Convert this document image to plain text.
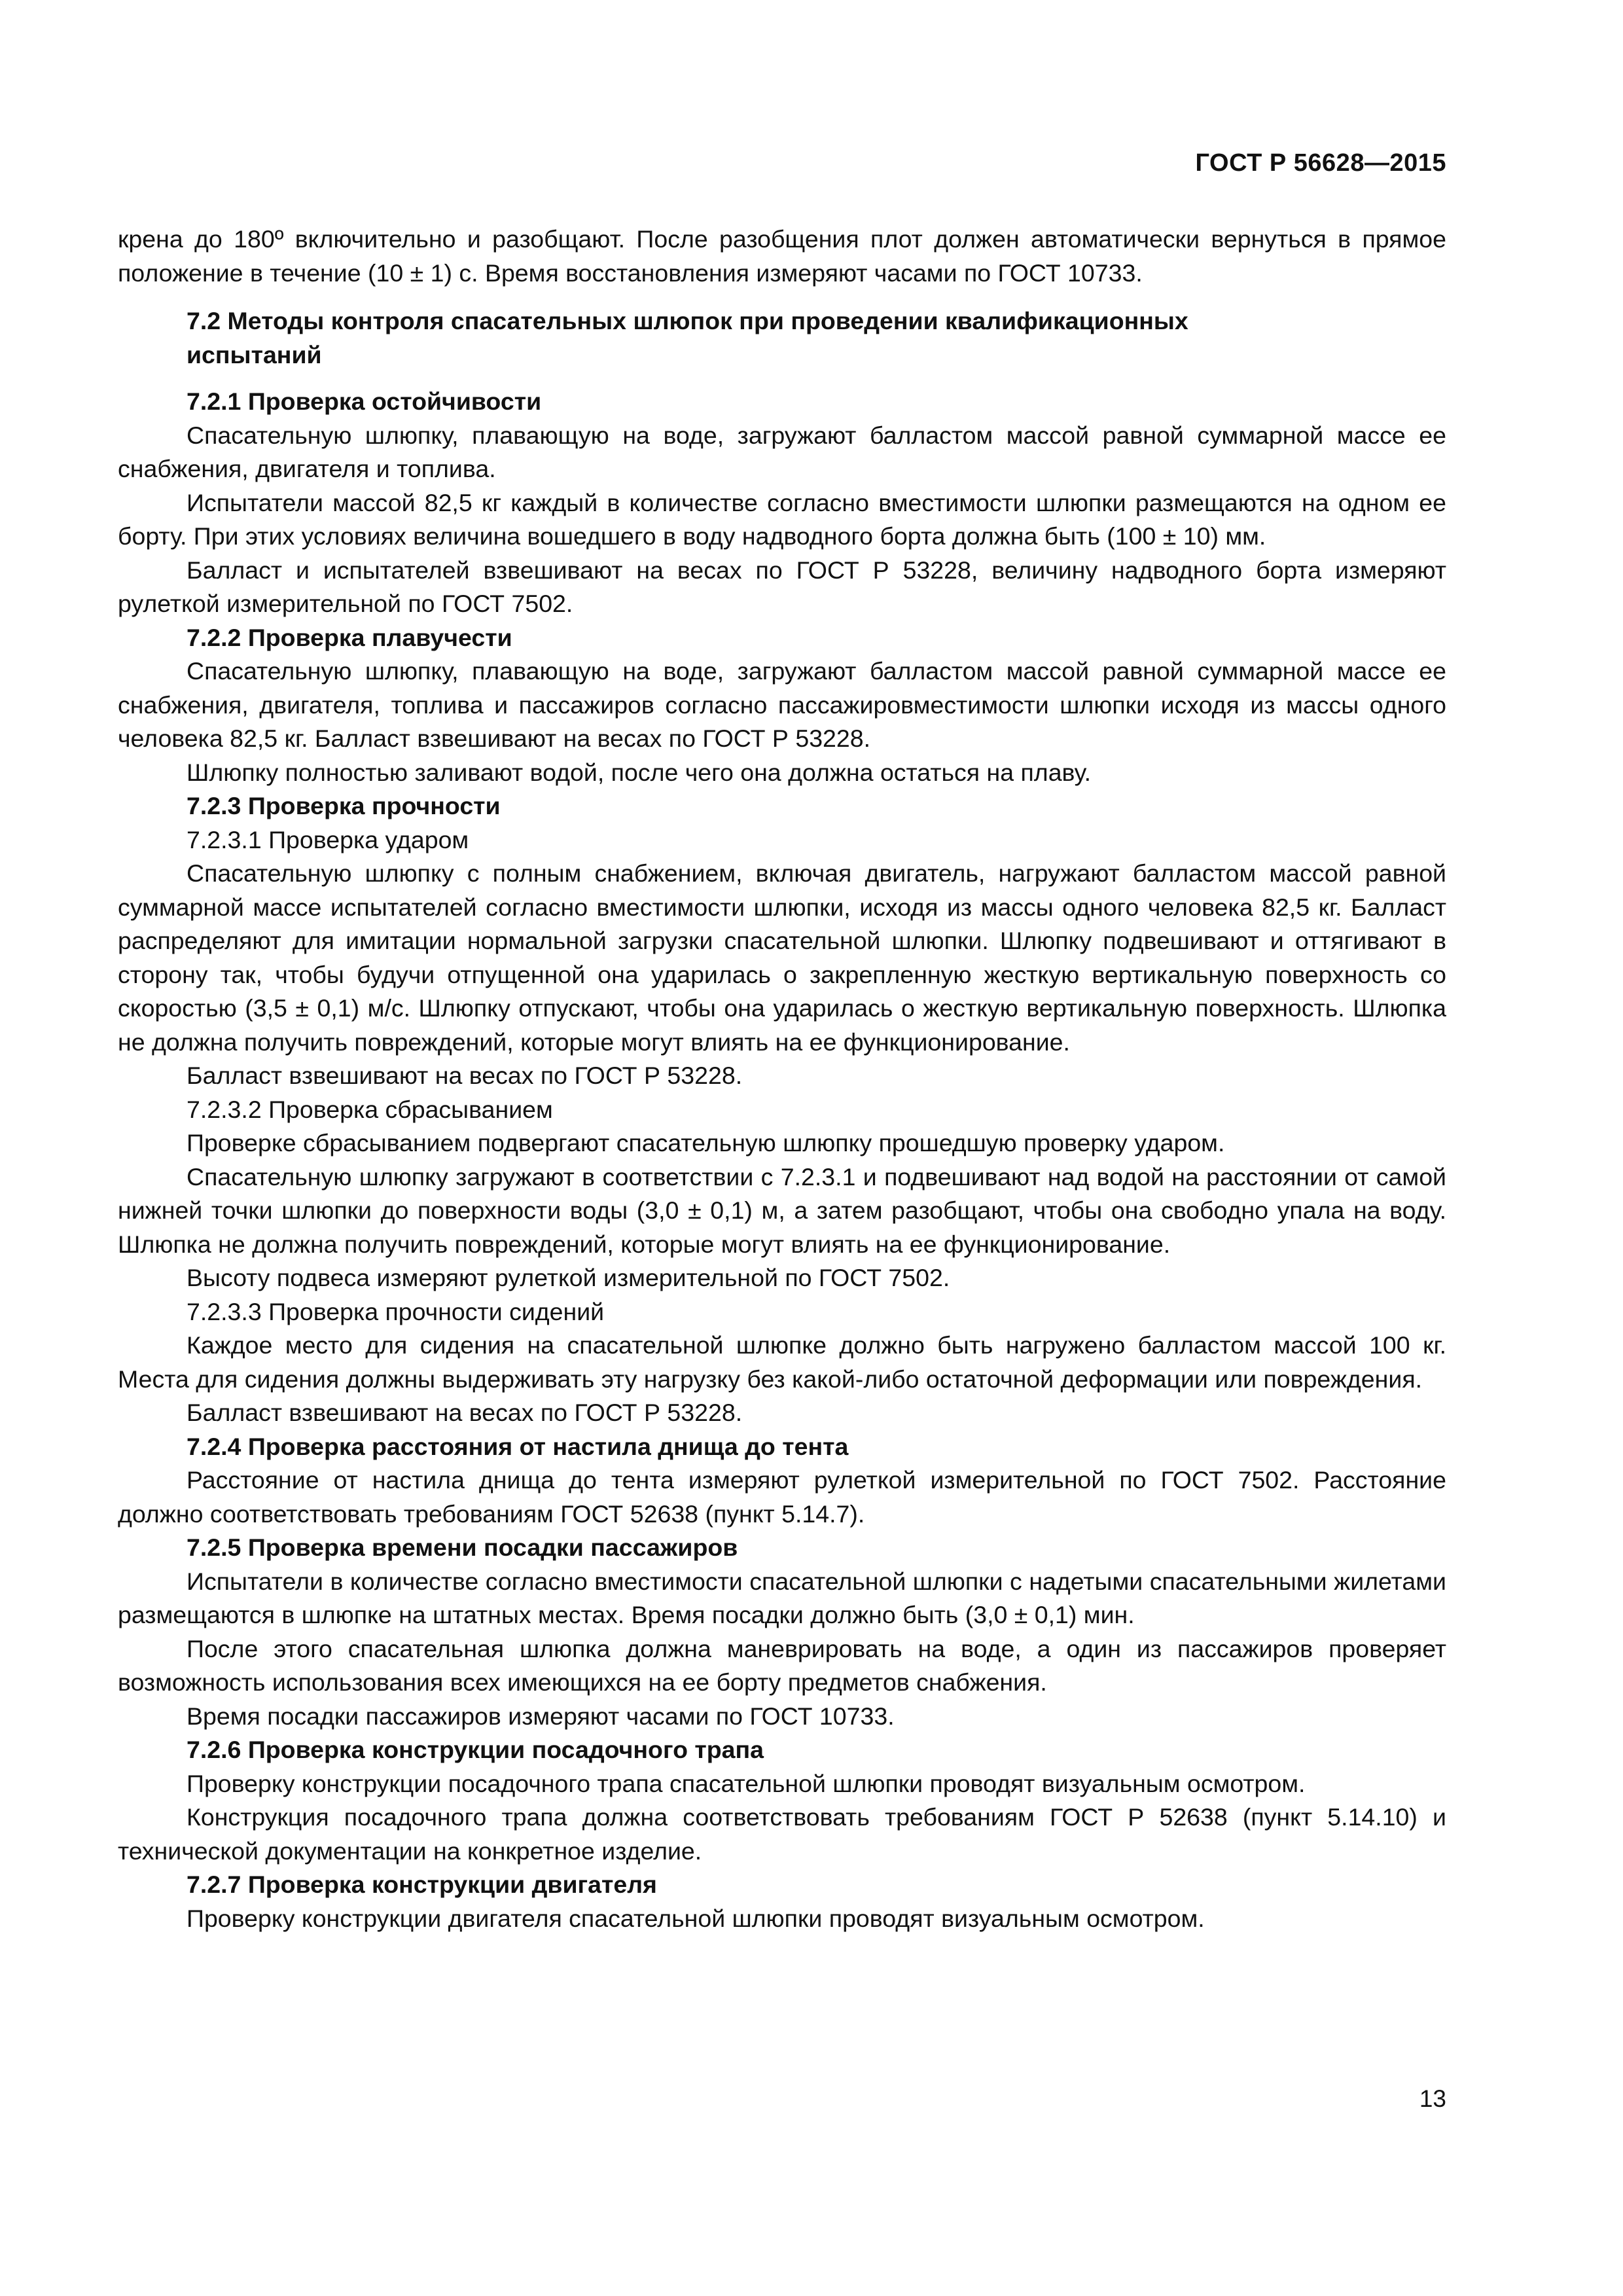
ГОСТ Р 56628—2015

крена до 180º включительно и разобщают. После разобщения плот должен автоматически вернуться в прямое положение в течение (10 ± 1) с. Время восстановления измеряют часами по ГОСТ 10733.

7.2 Методы контроля спасательных шлюпок при проведении квалификационных испытаний

7.2.1 Проверка остойчивости

Спасательную шлюпку, плавающую на воде, загружают балластом массой равной суммарной массе ее снабжения, двигателя и топлива.

Испытатели массой 82,5 кг каждый в количестве согласно вместимости шлюпки размещаются на одном ее борту. При этих условиях величина вошедшего в воду надводного борта должна быть (100 ± 10) мм.

Балласт и испытателей взвешивают на весах по ГОСТ Р 53228, величину надводного борта измеряют рулеткой измерительной по ГОСТ 7502.

7.2.2 Проверка плавучести

Спасательную шлюпку, плавающую на воде, загружают балластом массой равной суммарной массе ее снабжения, двигателя, топлива и пассажиров согласно пассажировместимости шлюпки исходя из массы одного человека 82,5 кг. Балласт взвешивают на весах по ГОСТ Р 53228.

Шлюпку полностью заливают водой, после чего она должна остаться на плаву.

7.2.3 Проверка прочности

7.2.3.1 Проверка ударом

Спасательную шлюпку с полным снабжением, включая двигатель, нагружают балластом массой равной суммарной массе испытателей согласно вместимости шлюпки, исходя из массы одного человека 82,5 кг. Балласт распределяют для имитации нормальной загрузки спасательной шлюпки. Шлюпку подвешивают и оттягивают в сторону так, чтобы будучи отпущенной она ударилась о закрепленную жесткую вертикальную поверхность со скоростью (3,5 ± 0,1) м/с. Шлюпку отпускают, чтобы она ударилась о жесткую вертикальную поверхность. Шлюпка не должна получить повреждений, которые могут влиять на ее функционирование.

Балласт взвешивают на весах по ГОСТ Р 53228.

7.2.3.2 Проверка сбрасыванием

Проверке сбрасыванием подвергают спасательную шлюпку прошедшую проверку ударом.

Спасательную шлюпку загружают в соответствии с 7.2.3.1 и подвешивают над водой на расстоянии от самой нижней точки шлюпки до поверхности воды (3,0 ± 0,1) м, а затем разобщают, чтобы она свободно упала на воду. Шлюпка не должна получить повреждений, которые могут влиять на ее функционирование.

Высоту подвеса измеряют рулеткой измерительной по ГОСТ 7502.

7.2.3.3 Проверка прочности сидений

Каждое место для сидения на спасательной шлюпке должно быть нагружено балластом массой 100 кг. Места для сидения должны выдерживать эту нагрузку без какой-либо остаточной деформации или повреждения.

Балласт взвешивают на весах по ГОСТ Р 53228.

7.2.4 Проверка расстояния от настила днища до тента

Расстояние от настила днища до тента измеряют рулеткой измерительной по ГОСТ 7502. Расстояние должно соответствовать требованиям ГОСТ 52638 (пункт 5.14.7).

7.2.5 Проверка времени посадки пассажиров

Испытатели в количестве согласно вместимости спасательной шлюпки с надетыми спасательными жилетами размещаются в шлюпке на штатных местах. Время посадки должно быть (3,0 ± 0,1) мин.

После этого спасательная шлюпка должна маневрировать на воде, а один из пассажиров проверяет возможность использования всех имеющихся на ее борту предметов снабжения.

Время посадки пассажиров измеряют часами по ГОСТ 10733.

7.2.6 Проверка конструкции посадочного трапа

Проверку конструкции посадочного трапа спасательной шлюпки проводят визуальным осмотром.

Конструкция посадочного трапа должна соответствовать требованиям ГОСТ Р 52638 (пункт 5.14.10) и технической документации на конкретное изделие.

7.2.7 Проверка конструкции двигателя

Проверку конструкции двигателя спасательной шлюпки проводят визуальным осмотром.

13
